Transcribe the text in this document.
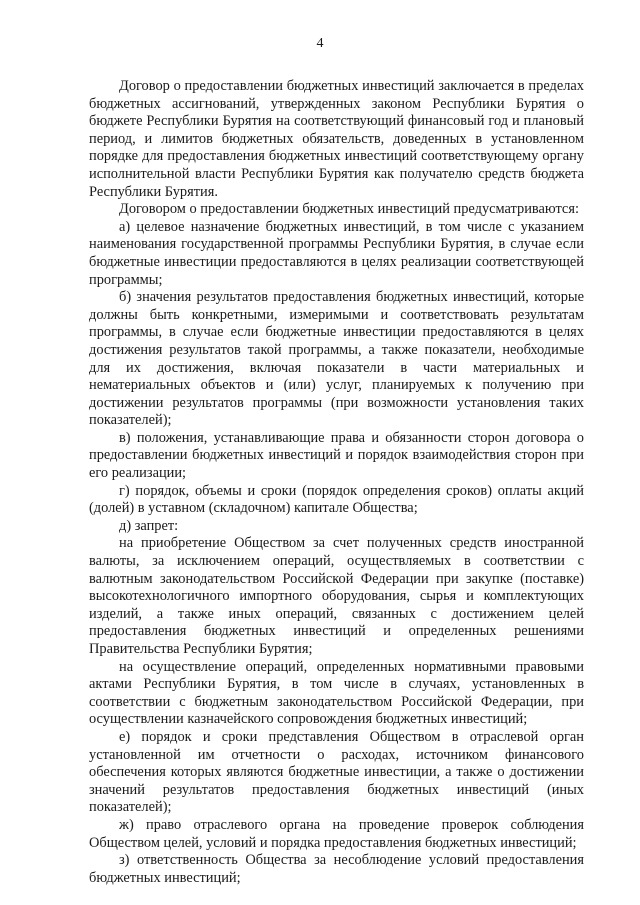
4

Договор о предоставлении бюджетных инвестиций заключается в пределах бюджетных ассигнований, утвержденных законом Республики Бурятия о бюджете Республики Бурятия на соответствующий финансовый год и плановый период, и лимитов бюджетных обязательств, доведенных в установленном порядке для предоставления бюджетных инвестиций соответствующему органу исполнительной власти Республики Бурятия как получателю средств бюджета Республики Бурятия.

Договором о предоставлении бюджетных инвестиций предусматриваются:

а) целевое назначение бюджетных инвестиций, в том числе с указанием наименования государственной программы Республики Бурятия, в случае если бюджетные инвестиции предоставляются в целях реализации соответствующей программы;

б) значения результатов предоставления бюджетных инвестиций, которые должны быть конкретными, измеримыми и соответствовать результатам программы, в случае если бюджетные инвестиции предоставляются в целях достижения результатов такой программы, а также показатели, необходимые для их достижения, включая показатели в части материальных и нематериальных объектов и (или) услуг, планируемых к получению при достижении результатов программы (при возможности установления таких показателей);

в) положения, устанавливающие права и обязанности сторон договора о предоставлении бюджетных инвестиций и порядок взаимодействия сторон при его реализации;

г) порядок, объемы и сроки (порядок определения сроков) оплаты акций (долей) в уставном (складочном) капитале Общества;

д) запрет:

на приобретение Обществом за счет полученных средств иностранной валюты, за исключением операций, осуществляемых в соответствии с валютным законодательством Российской Федерации при закупке (поставке) высокотехнологичного импортного оборудования, сырья и комплектующих изделий, а также иных операций, связанных с достижением целей предоставления бюджетных инвестиций и определенных решениями Правительства Республики Бурятия;

на осуществление операций, определенных нормативными правовыми актами Республики Бурятия, в том числе в случаях, установленных в соответствии с бюджетным законодательством Российской Федерации, при осуществлении казначейского сопровождения бюджетных инвестиций;

е) порядок и сроки представления Обществом в отраслевой орган установленной им отчетности о расходах, источником финансового обеспечения которых являются бюджетные инвестиции, а также о достижении значений результатов предоставления бюджетных инвестиций (иных показателей);

ж) право отраслевого органа на проведение проверок соблюдения Обществом целей, условий и порядка предоставления бюджетных инвестиций;

з) ответственность Общества за несоблюдение условий предоставления бюджетных инвестиций;
